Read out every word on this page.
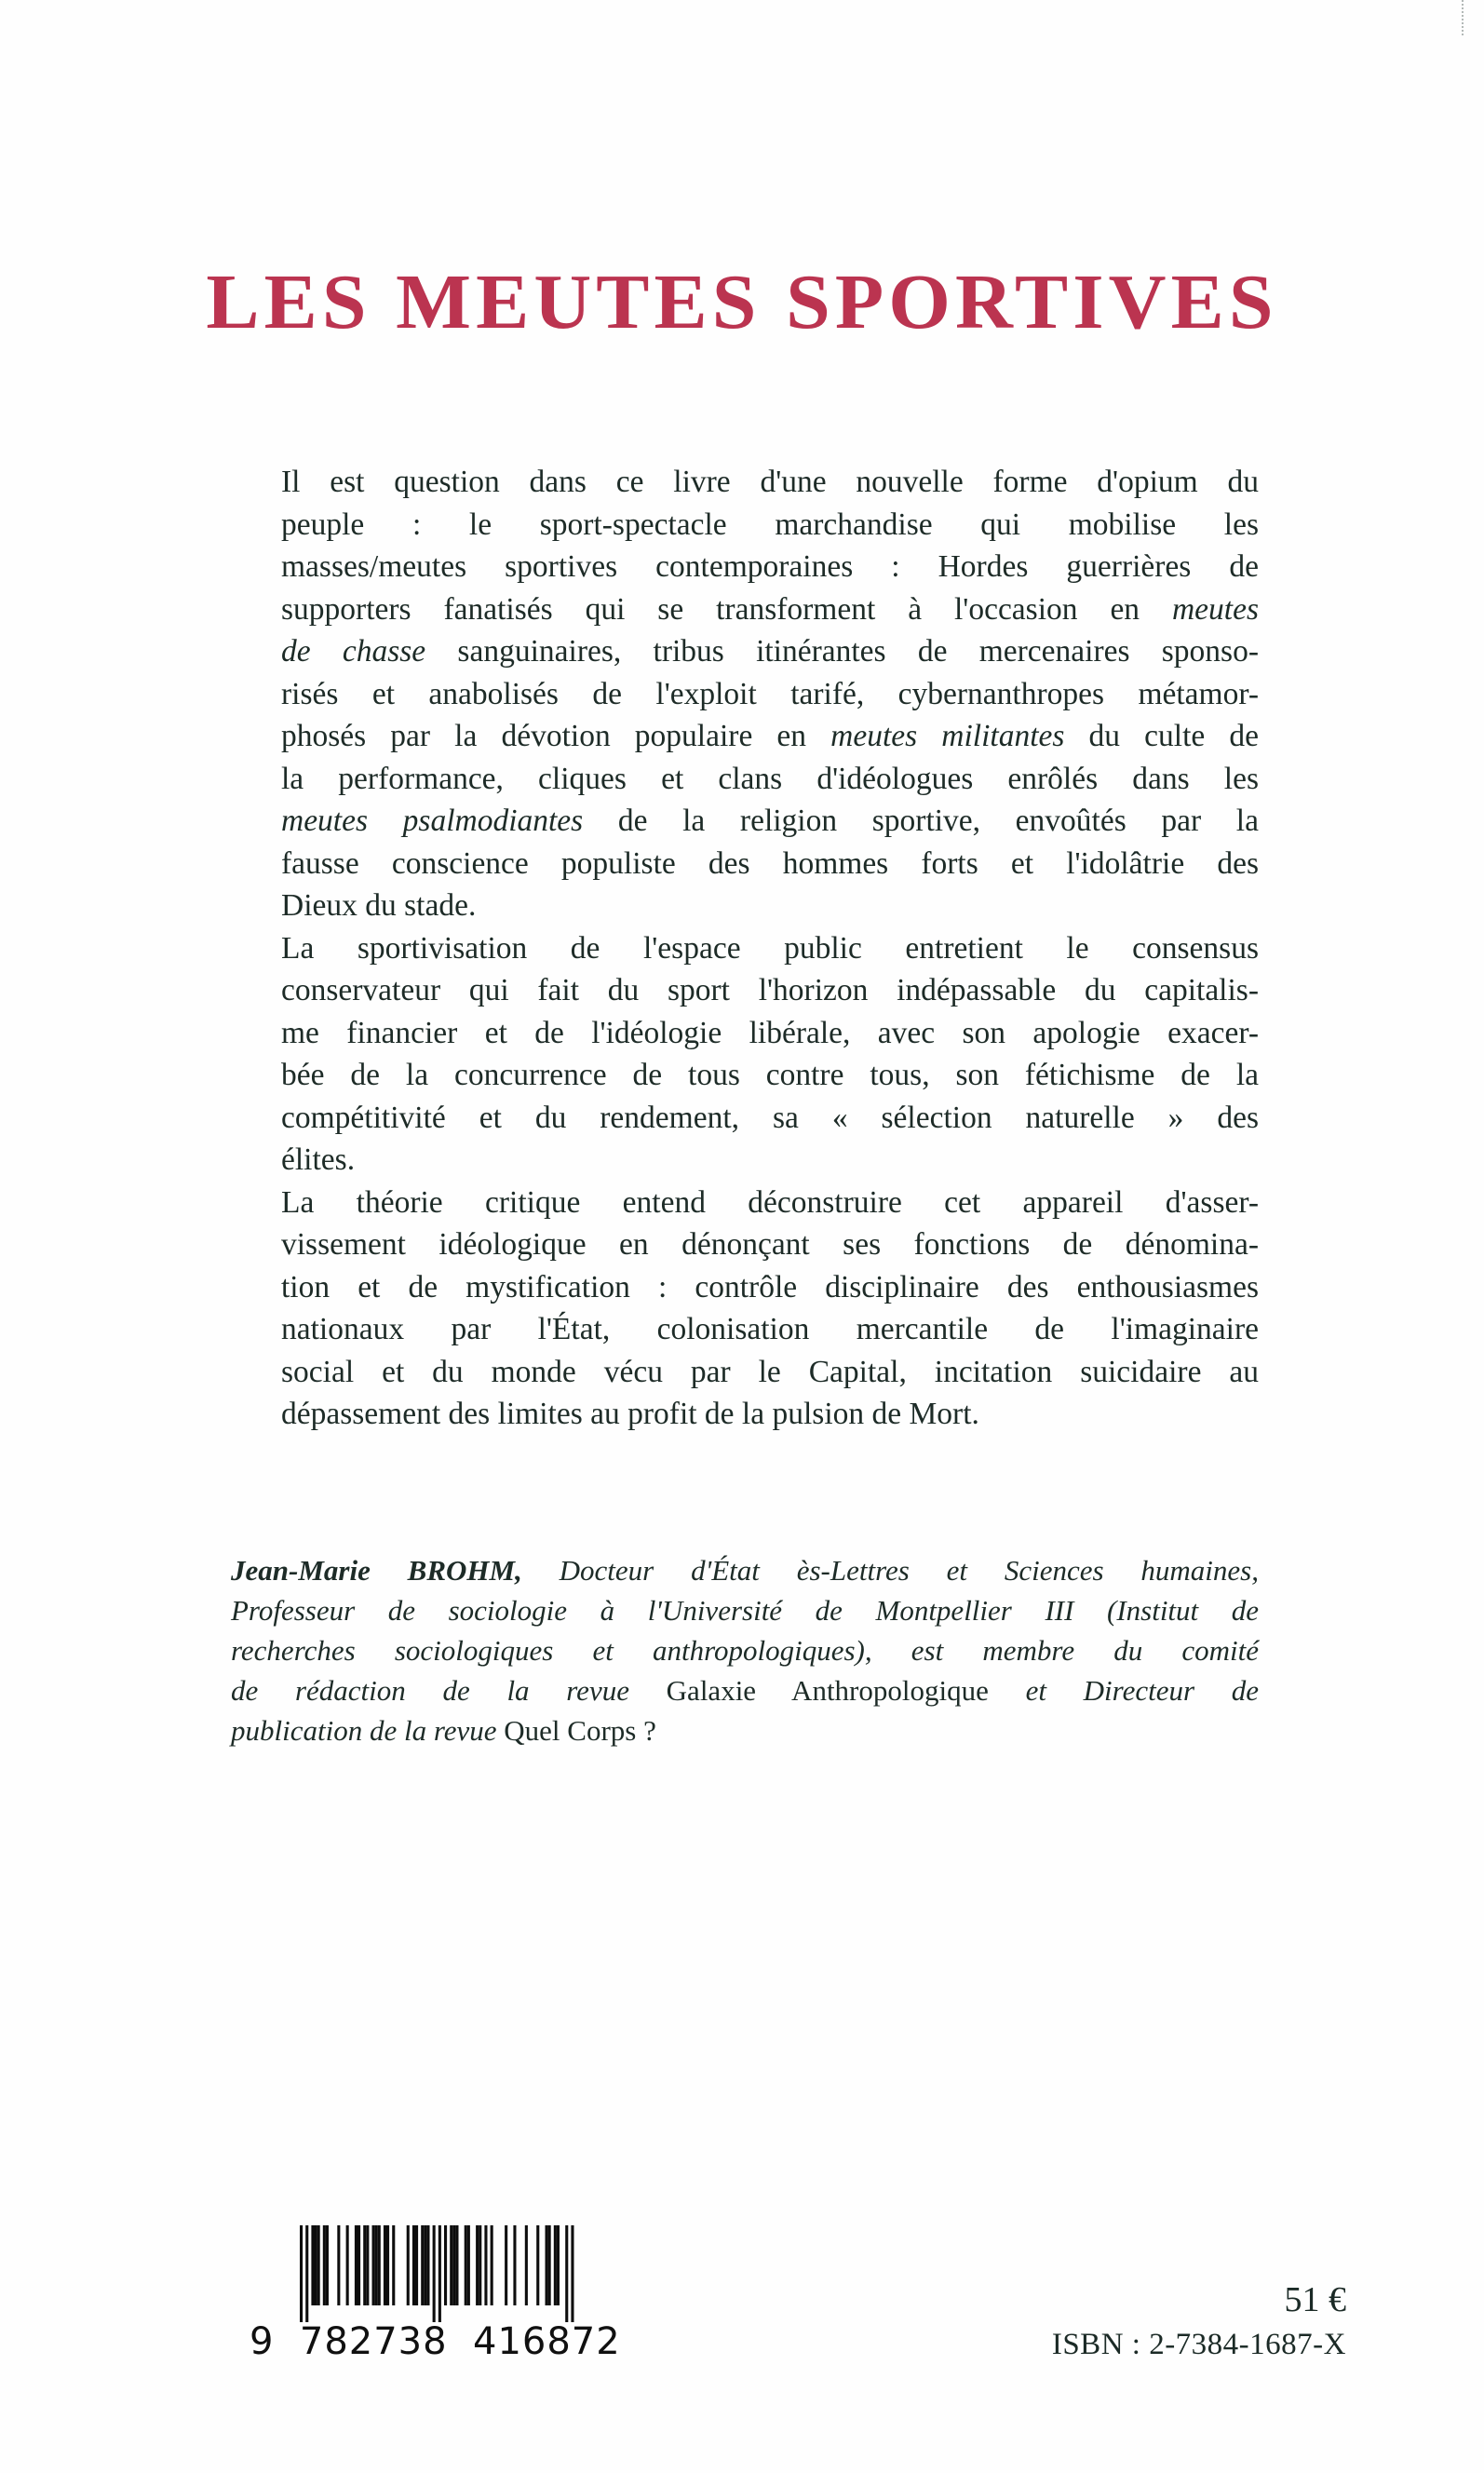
LES MEUTES SPORTIVES

Il est question dans ce livre d'une nouvelle forme d'opium du
peuple : le sport-spectacle marchandise qui mobilise les
masses/meutes sportives contemporaines : Hordes guerrières de
supporters fanatisés qui se transforment à l'occasion en meutes
de chasse sanguinaires, tribus itinérantes de mercenaires sponso-
risés et anabolisés de l'exploit tarifé, cybernanthropes métamor-
phosés par la dévotion populaire en meutes militantes du culte de
la performance, cliques et clans d'idéologues enrôlés dans les
meutes psalmodiantes de la religion sportive, envoûtés par la
fausse conscience populiste des hommes forts et l'idolâtrie des
Dieux du stade.

La sportivisation de l'espace public entretient le consensus
conservateur qui fait du sport l'horizon indépassable du capitalis-
me financier et de l'idéologie libérale, avec son apologie exacer-
bée de la concurrence de tous contre tous, son fétichisme de la
compétitivité et du rendement, sa « sélection naturelle » des
élites.

La théorie critique entend déconstruire cet appareil d'asser-
vissement idéologique en dénonçant ses fonctions de dénomina-
tion et de mystification : contrôle disciplinaire des enthousiasmes
nationaux par l'État, colonisation mercantile de l'imaginaire
social et du monde vécu par le Capital, incitation suicidaire au
dépassement des limites au profit de la pulsion de Mort.

Jean-Marie BROHM, Docteur d'État ès-Lettres et Sciences humaines,
Professeur de sociologie à l'Université de Montpellier III (Institut de
recherches sociologiques et anthropologiques), est membre du comité
de rédaction de la revue Galaxie Anthropologique et Directeur de
publication de la revue Quel Corps ?
9  782738  416872
51 €
ISBN : 2-7384-1687-X
